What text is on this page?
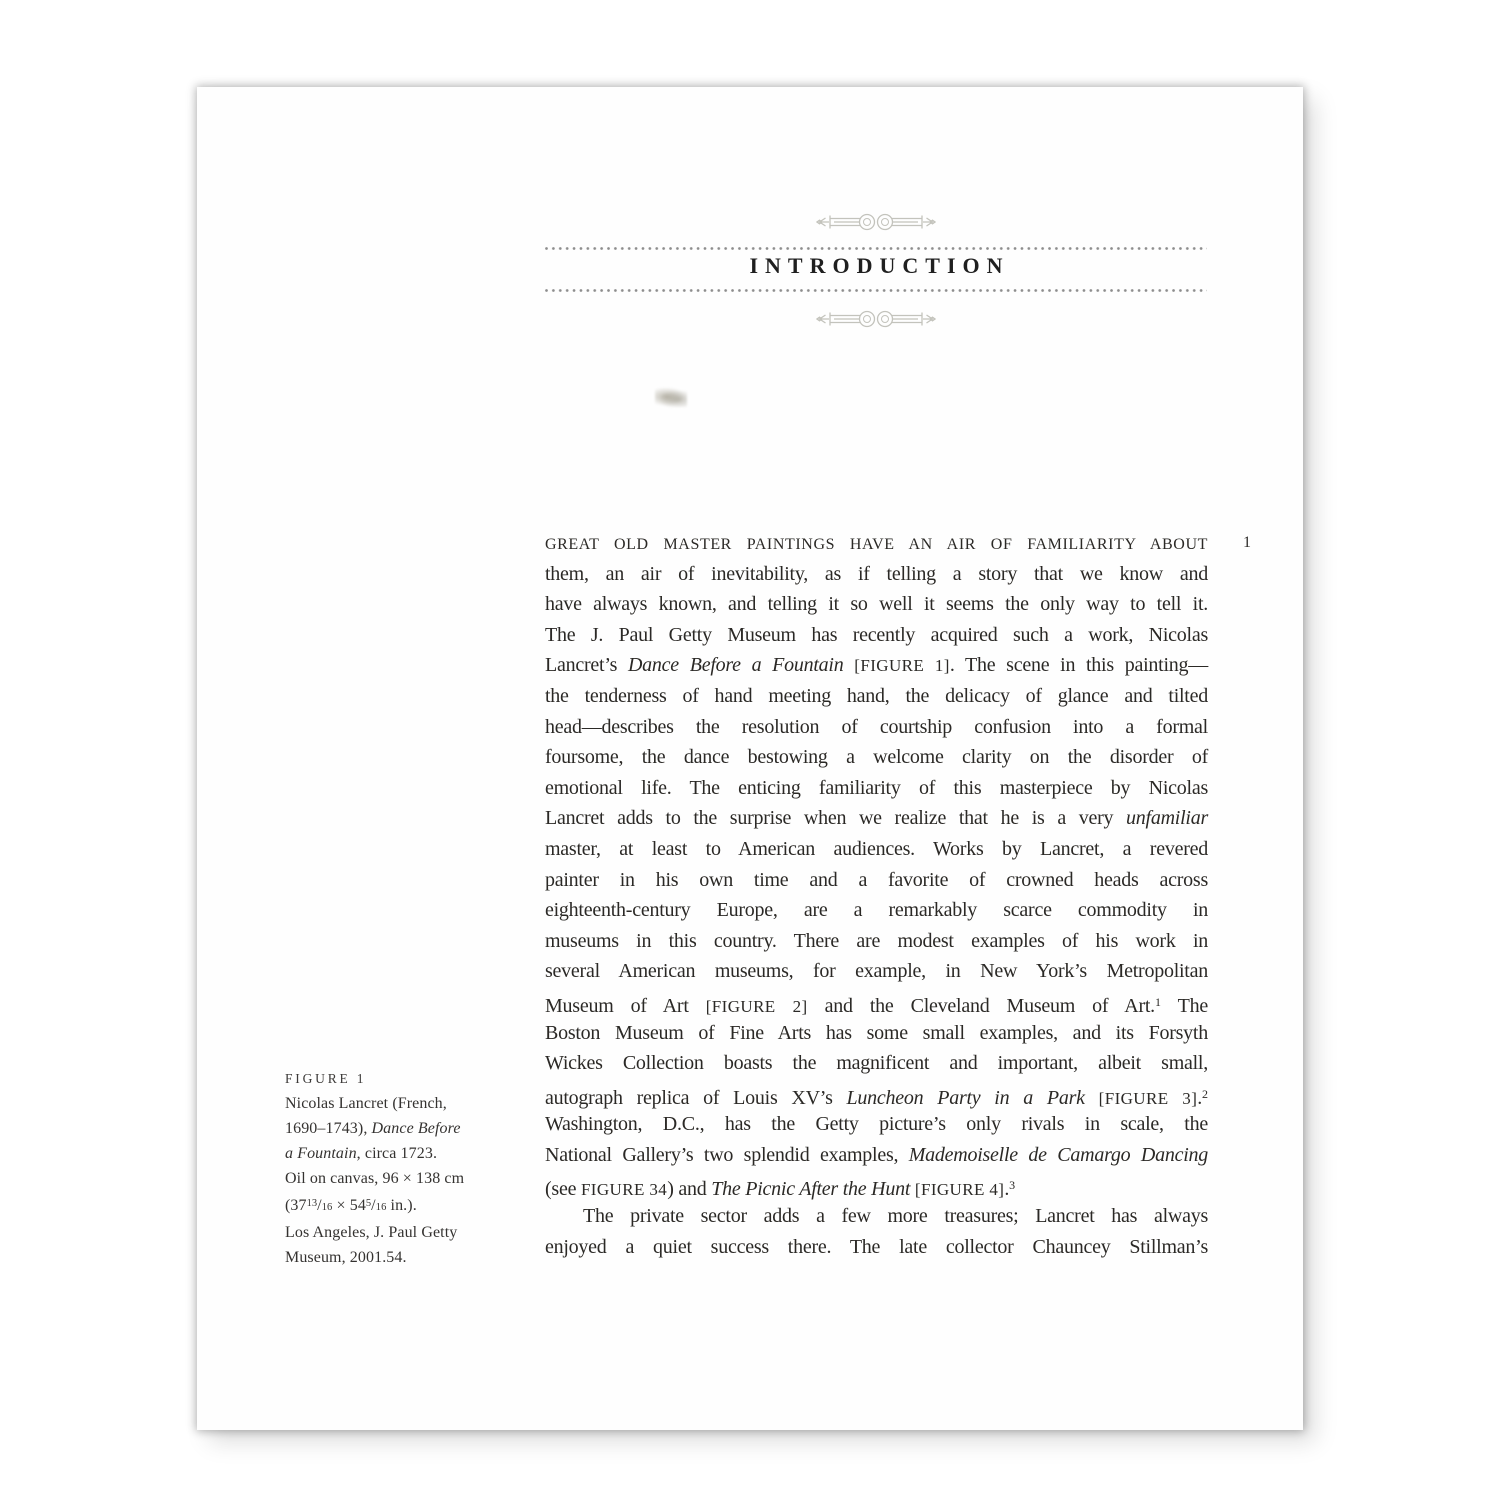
INTRODUCTION
1
GREAT OLD MASTER PAINTINGS HAVE AN AIR OF FAMILIARITY ABOUT
them, an air of inevitability, as if telling a story that we know and
have always known, and telling it so well it seems the only way to tell it.
The J. Paul Getty Museum has recently acquired such a work, Nicolas
Lancret’s Dance Before a Fountain [FIGURE 1]. The scene in this painting—
the tenderness of hand meeting hand, the delicacy of glance and tilted
head—describes the resolution of courtship confusion into a formal
foursome, the dance bestowing a welcome clarity on the disorder of
emotional life. The enticing familiarity of this masterpiece by Nicolas
Lancret adds to the surprise when we realize that he is a very unfamiliar
master, at least to American audiences. Works by Lancret, a revered
painter in his own time and a favorite of crowned heads across
eighteenth-century Europe, are a remarkably scarce commodity in
museums in this country. There are modest examples of his work in
several American museums, for example, in New York’s Metropolitan
Museum of Art [FIGURE 2] and the Cleveland Museum of Art.$^1$ The
Boston Museum of Fine Arts has some small examples, and its Forsyth
Wickes Collection boasts the magnificent and important, albeit small,
autograph replica of Louis XV’s Luncheon Party in a Park [FIGURE 3].$^2$
Washington, D.C., has the Getty picture’s only rivals in scale, the
National Gallery’s two splendid examples, Mademoiselle de Camargo Dancing
(see FIGURE 34) and The Picnic After the Hunt [FIGURE 4].$^3$
The private sector adds a few more treasures; Lancret has always
enjoyed a quiet success there. The late collector Chauncey Stillman’s
FIGURE 1
Nicolas Lancret (French,
1690–1743), Dance Before
a Fountain, circa 1723.
Oil on canvas, 96 × 138 cm
($37^{13}/16 \times 54^5/16$ in.).
Los Angeles, J. Paul Getty
Museum, 2001.54.
